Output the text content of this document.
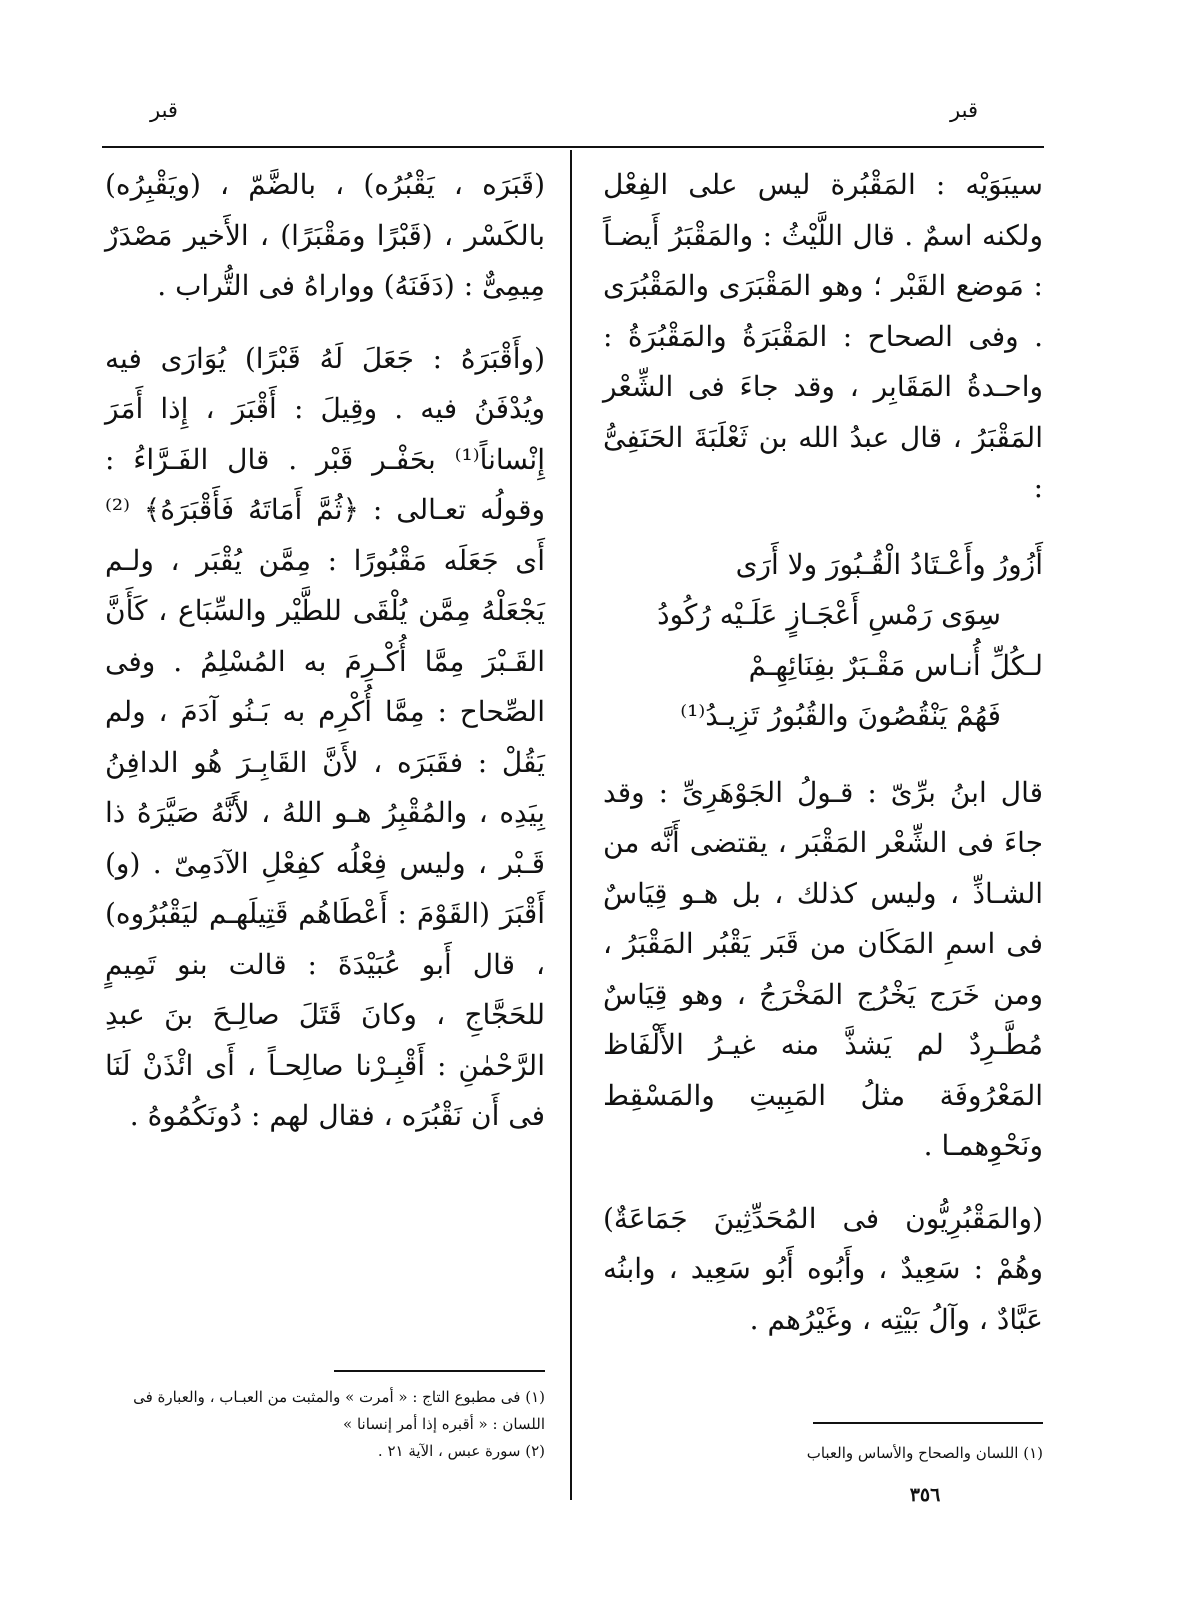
قبر
قبر

سيبَوَيْه : المَقْبُرة ليس على الفِعْل ولكنه اسمٌ . قال اللَّيْثُ : والمَقْبَرُ أَيضـاً : مَوضع القَبْر ؛ وهو المَقْبَرَى والمَقْبُرَى . وفى الصحاح : المَقْبَرَةُ والمَقْبُرَةُ : واحـدةُ المَقَابِر ، وقد جاءَ فى الشِّعْر المَقْبَرُ ، قال عبدُ الله بن ثَعْلَبَةَ الحَنَفِىُّ :

أَزُورُ وأَعْـتَادُ الْقُـبُورَ ولا أَرَى

سِوَى رَمْسِ أَعْجَـازٍ عَلَـيْه رُكُودُ

لـكُلِّ أُنـاس مَقْـبَرٌ بفِنَائِهِـمْ

فَهُمْ يَنْقُصُونَ والقُبُورُ تَزِيـدُ⁽¹⁾

قال ابنُ برِّىّ : قـولُ الجَوْهَرِىِّ : وقد جاءَ فى الشِّعْر المَقْبَر ، يقتضى أَنَّه من الشـاذِّ ، وليس كذلك ، بل هـو قِيَاسٌ فى اسمِ المَكَان من قَبَر يَقْبُر المَقْبَرُ ، ومن خَرَج يَخْرُج المَخْرَجُ ، وهو قِيَاسٌ مُطَّـرِدٌ لم يَشذَّ منه غيـرُ الأَلْفَاظ المَعْرُوفَة مثلُ المَبِيتِ والمَسْقِط ونَحْوِهمـا .

(والمَقْبُرِيُّون فى المُحَدِّثِينَ جَمَاعَةٌ) وهُمْ : سَعِيدٌ ، وأَبُوه أَبُو سَعِيد ، وابنُه عَبَّادٌ ، وآلُ بَيْتِه ، وغَيْرُهم .

(قَبَرَه ، يَقْبُرُه) ، بالضَّمّ ، (ويَقْبِرُه) بالكَسْر ، (قَبْرًا ومَقْبَرًا) ، الأَخير مَصْدَرٌ مِيمِىٌّ : (دَفَنَهُ) وواراهُ فى التُّراب .

(وأَقْبَرَهُ : جَعَلَ لَهُ قَبْرًا) يُوَارَى فيه ويُدْفَنُ فيه . وقِيلَ : أَقْبَرَ ، إِذا أَمَرَ إِنْساناً⁽¹⁾ بحَفْـر قَبْر . قال الفَـرَّاءُ : وقولُه تعـالى : ﴿ثُمَّ أَمَاتَهُ فَأَقْبَرَهُ﴾ ⁽²⁾ أَى جَعَلَه مَقْبُورًا : مِمَّن يُقْبَر ، ولـم يَجْعَلْهُ مِمَّن يُلْقَى للطَّيْر والسِّبَاع ، كَأَنَّ القَـبْرَ مِمَّا أُكْـرِمَ به المُسْلِمُ . وفى الصِّحاح : مِمَّا أُكْرِم به بَـنُو آدَمَ ، ولم يَقُلْ : فقَبَرَه ، لأَنَّ القَابِـرَ هُو الدافِنُ بِيَدِه ، والمُقْبِرُ هـو اللهُ ، لأَنَّهُ صَيَّرَهُ ذا قَـبْر ، وليس فِعْلُه كفِعْلِ الآدَمِىّ . (و) أَقْبَرَ (القَوْمَ : أَعْطَاهُم قَتِيلَهـم ليَقْبُرُوه) ، قال أَبو عُبَيْدَةَ : قالت بنو تَمِيمٍ للحَجَّاجِ ، وكانَ قَتَلَ صالِـحَ بنَ عبدِ الرَّحْمٰنِ : أَقْبِـرْنا صالِحـاً ، أَى ائْذَنْ لَنَا فى أَن نَقْبُرَه ، فقال لهم : دُونَكُمُوهُ .

(١) اللسان والصحاح والأساس والعباب

(١) فى مطبوع التاج : « أمرت » والمثبت من العبـاب ، والعبارة فى اللسان : « أقبره إذا أمر إنسانا »

(٢) سورة عبس ، الآية ٢١ .

٣٥٦
